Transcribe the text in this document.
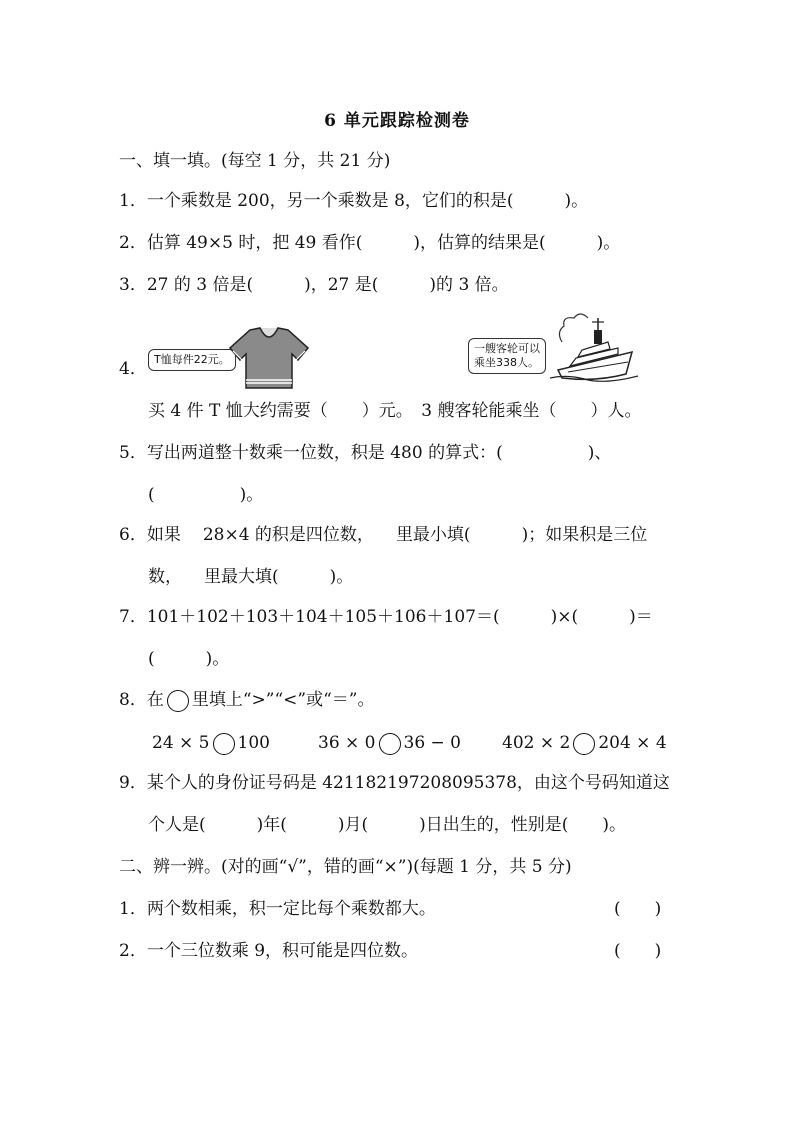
6 单元跟踪检测卷
一、填一填。(每空 1 分，共 21 分)
1．一个乘数是 200，另一个乘数是 8，它们的积是(　　　)。
2．估算 49×5 时，把 49 看作(　　　)，估算的结果是(　　　)。
3．27 的 3 倍是(　　　)，27 是(　　　)的 3 倍。
4． T恤每件22元。
一艘客轮可以
乘坐338人。
买 4 件 T 恤大约需要（　　）元。　3 艘客轮能乘坐（　　）人。
5．写出两道整十数乘一位数，积是 480 的算式：(　　　　　)、
(　　　　　)。
6．如果 28×4 的积是四位数， 里最小填(　　　)；如果积是三位
数， 里最大填(　　　)。
7．101＋102＋103＋104＋105＋106＋107＝(　　　)×(　　　)＝
(　　　)。
8．在 里填上“>”“<”或“＝”。
24 × 5 100	36 × 0 36 − 0 402 × 2 204 × 4
9．某个人的身份证号码是 421182197208095378，由这个号码知道这
个人是(　　　)年(　　　)月(　　　)日出生的，性别是(　　)。
二、辨一辨。(对的画“√”，错的画“×”)(每题 1 分，共 5 分)
1．两个数相乘，积一定比每个乘数都大。	(　　)
2．一个三位数乘 9，积可能是四位数。	(　　)
